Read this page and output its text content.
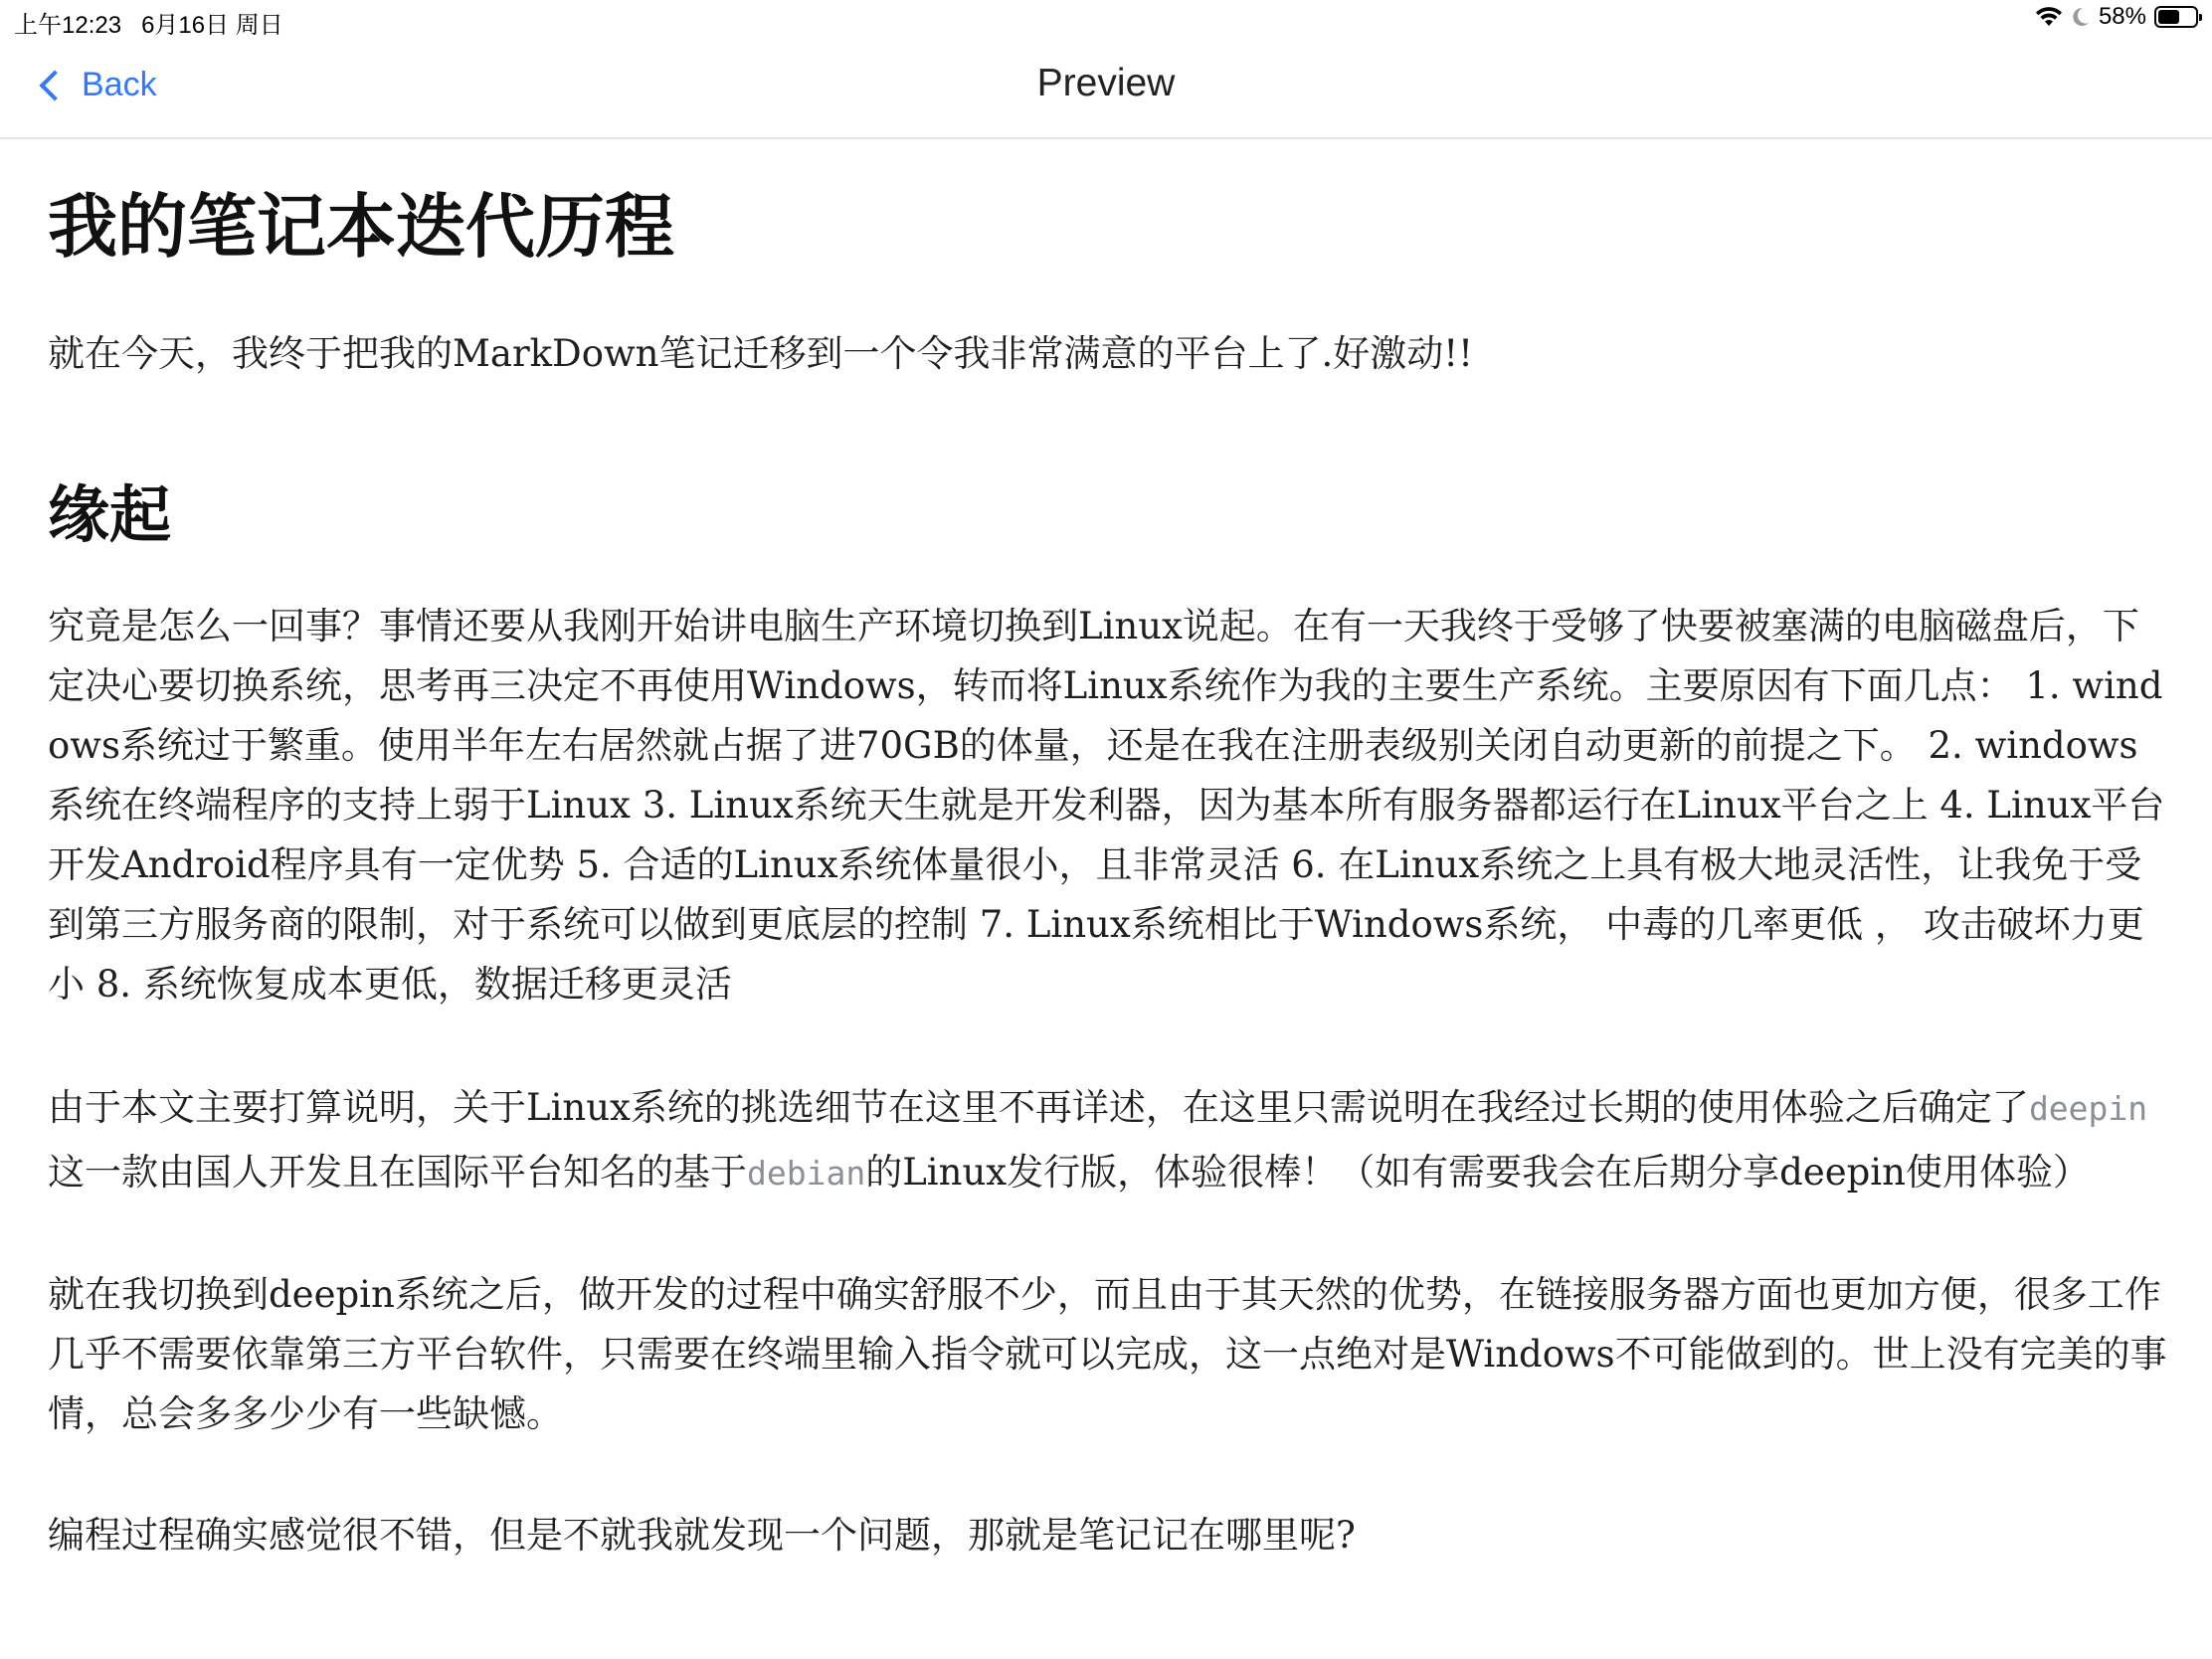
上午12:23 6月16日 周日	58%
Back	Preview
我的笔记本迭代历程

就在今天，我终于把我的MarkDown笔记迁移到一个令我非常满意的平台上了.好激动!!

缘起

究竟是怎么一回事？事情还要从我刚开始讲电脑生产环境切换到Linux说起。在有一天我终于受够了快要被塞满的电脑磁盘后，下定决心要切换系统，思考再三决定不再使用Windows，转而将Linux系统作为我的主要生产系统。主要原因有下面几点： 1. windows系统过于繁重。使用半年左右居然就占据了进70GB的体量，还是在我在注册表级别关闭自动更新的前提之下。 2. windows系统在终端程序的支持上弱于Linux 3. Linux系统天生就是开发利器，因为基本所有服务器都运行在Linux平台之上 4. Linux平台开发Android程序具有一定优势 5. 合适的Linux系统体量很小，且非常灵活 6. 在Linux系统之上具有极大地灵活性，让我免于受到第三方服务商的限制，对于系统可以做到更底层的控制 7. Linux系统相比于Windows系统， 中毒的几率更低 ， 攻击破坏力更小 8. 系统恢复成本更低，数据迁移更灵活

由于本文主要打算说明，关于Linux系统的挑选细节在这里不再详述，在这里只需说明在我经过长期的使用体验之后确定了deepin这一款由国人开发且在国际平台知名的基于debian的Linux发行版，体验很棒！（如有需要我会在后期分享deepin使用体验）

就在我切换到deepin系统之后，做开发的过程中确实舒服不少，而且由于其天然的优势，在链接服务器方面也更加方便，很多工作几乎不需要依靠第三方平台软件，只需要在终端里输入指令就可以完成，这一点绝对是Windows不可能做到的。世上没有完美的事情，总会多多少少有一些缺憾。

编程过程确实感觉很不错，但是不就我就发现一个问题，那就是笔记记在哪里呢?
